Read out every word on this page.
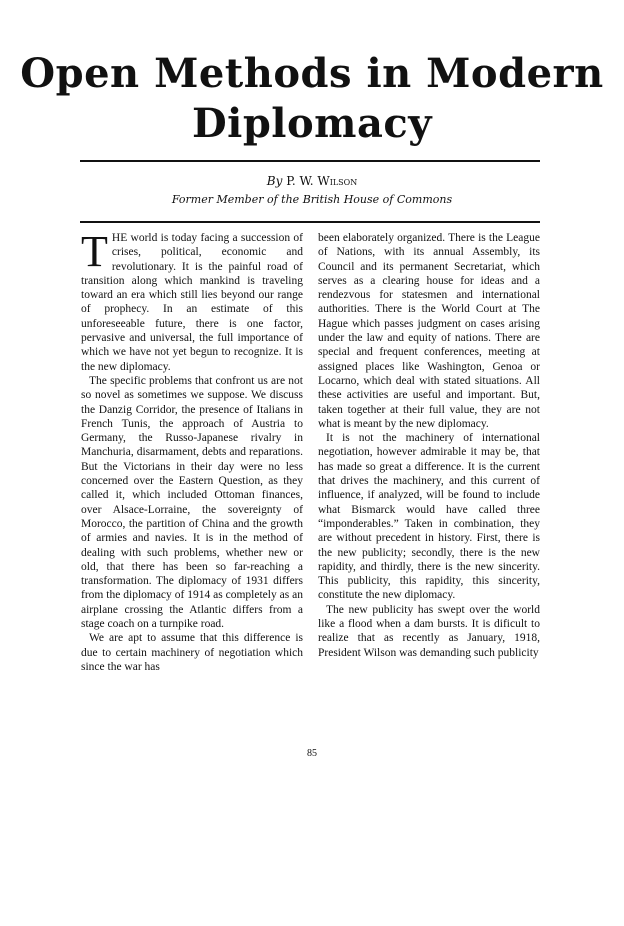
Open Methods in Modern
Diplomacy
By P. W. Wilson
Former Member of the British House of Commons

THE world is today facing a succession of crises, political, economic and revolutionary. It is the painful road of transition along which mankind is traveling toward an era which still lies beyond our range of prophecy. In an estimate of this unforeseeable future, there is one factor, pervasive and universal, the full importance of which we have not yet begun to recognize. It is the new diplomacy.

The specific problems that confront us are not so novel as sometimes we suppose. We discuss the Danzig Corridor, the presence of Italians in French Tunis, the approach of Austria to Germany, the Russo-Japanese rivalry in Manchuria, disarmament, debts and reparations. But the Victorians in their day were no less concerned over the Eastern Question, as they called it, which included Ottoman finances, over Alsace-Lorraine, the sovereignty of Morocco, the partition of China and the growth of armies and navies. It is in the method of dealing with such problems, whether new or old, that there has been so far-reaching a transformation. The diplomacy of 1931 differs from the diplomacy of 1914 as completely as an airplane crossing the Atlantic differs from a stage coach on a turnpike road.

We are apt to assume that this difference is due to certain machinery of negotiation which since the war has

been elaborately organized. There is the League of Nations, with its annual Assembly, its Council and its permanent Secretariat, which serves as a clearing house for ideas and a rendezvous for statesmen and international authorities. There is the World Court at The Hague which passes judgment on cases arising under the law and equity of nations. There are special and frequent conferences, meeting at assigned places like Washington, Genoa or Locarno, which deal with stated situations. All these activities are useful and important. But, taken together at their full value, they are not what is meant by the new diplomacy.

It is not the machinery of international negotiation, however admirable it may be, that has made so great a difference. It is the current that drives the machinery, and this current of influence, if analyzed, will be found to include what Bismarck would have called three “imponderables.” Taken in combination, they are without precedent in history. First, there is the new publicity; secondly, there is the new rapidity, and thirdly, there is the new sincerity. This publicity, this rapidity, this sincerity, constitute the new diplomacy.

The new publicity has swept over the world like a flood when a dam bursts. It is dificult to realize that as recently as January, 1918, President Wilson was demanding such publicity

85
